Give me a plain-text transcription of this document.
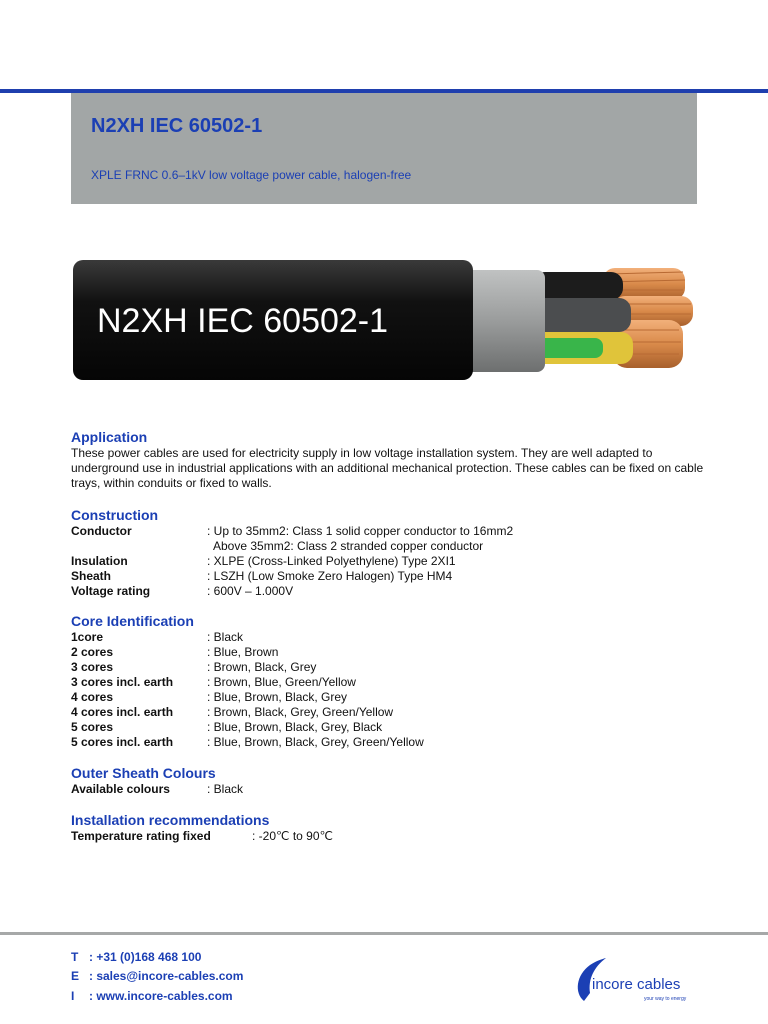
N2XH IEC 60502-1
XPLE FRNC 0.6–1kV low voltage power cable, halogen-free
N2XH IEC 60502-1
Application
These power cables are used for electricity supply in low voltage installation system. They are well adapted to underground use in industrial applications with an additional mechanical protection. These cables can be fixed on cable trays, within conduits or fixed to walls.
Construction
Conductor	: Up to 35mm2: Class 1 solid copper conductor to 16mm2
Above 35mm2: Class 2 stranded copper conductor
Insulation	: XLPE (Cross-Linked Polyethylene) Type 2XI1
Sheath	: LSZH (Low Smoke Zero Halogen) Type HM4
Voltage rating	: 600V – 1.000V
Core Identification
1core	: Black
2 cores	: Blue, Brown
3 cores	: Brown, Black, Grey
3 cores incl. earth	: Brown, Blue, Green/Yellow
4 cores	: Blue, Brown, Black, Grey
4 cores incl. earth	: Brown, Black, Grey, Green/Yellow
5 cores	: Blue, Brown, Black, Grey, Black
5 cores incl. earth	: Blue, Brown, Black, Grey, Green/Yellow
Outer Sheath Colours
Available colours	: Black
Installation recommendations
Temperature rating fixed	: -20℃ to 90℃
T : +31 (0)168 468 100
E : sales@incore-cables.com
I	: www.incore-cables.com
incore cables
your way to energy
